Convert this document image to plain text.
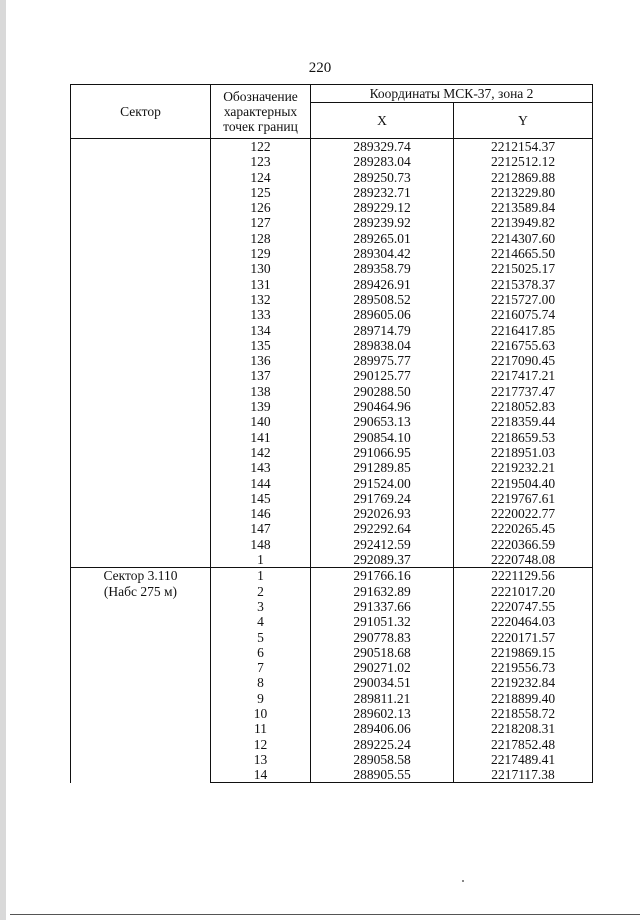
220
Сектор	Обозначение характерных точек границ	Координаты МСК-37, зона 2	
		X	Y

	122	289329.74	2212154.37
	123	289283.04	2212512.12
	124	289250.73	2212869.88
	125	289232.71	2213229.80
	126	289229.12	2213589.84
	127	289239.92	2213949.82
	128	289265.01	2214307.60
	129	289304.42	2214665.50
	130	289358.79	2215025.17
	131	289426.91	2215378.37
	132	289508.52	2215727.00
	133	289605.06	2216075.74
	134	289714.79	2216417.85
	135	289838.04	2216755.63
	136	289975.77	2217090.45
	137	290125.77	2217417.21
	138	290288.50	2217737.47
	139	290464.96	2218052.83
	140	290653.13	2218359.44
	141	290854.10	2218659.53
	142	291066.95	2218951.03
	143	291289.85	2219232.21
	144	291524.00	2219504.40
	145	291769.24	2219767.61
	146	292026.93	2220022.77
	147	292292.64	2220265.45
	148	292412.59	2220366.59
	1	292089.37	2220748.08

Сектор 3.110
(Набс 275 м)	1	291766.16	2221129.56
	2	291632.89	2221017.20
	3	291337.66	2220747.55
	4	291051.32	2220464.03
	5	290778.83	2220171.57
	6	290518.68	2219869.15
	7	290271.02	2219556.73
	8	290034.51	2219232.84
	9	289811.21	2218899.40
	10	289602.13	2218558.72
	11	289406.06	2218208.31
	12	289225.24	2217852.48
	13	289058.58	2217489.41
	14	288905.55	2217117.38
